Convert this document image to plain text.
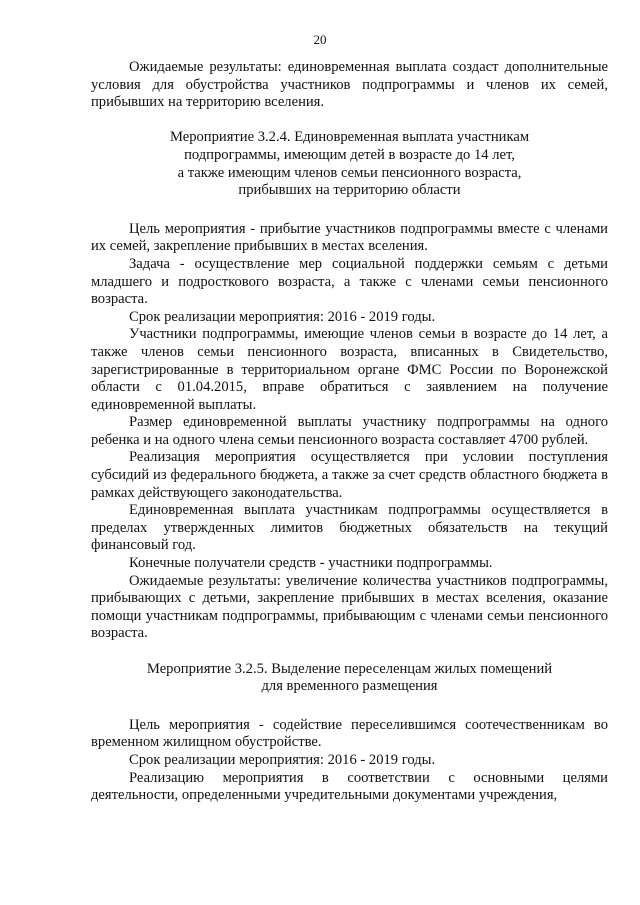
20

Ожидаемые результаты: единовременная выплата создаст дополнительные условия для обустройства участников подпрограммы и членов их семей, прибывших на территорию вселения.

Мероприятие 3.2.4. Единовременная выплата участникам
подпрограммы, имеющим детей в возрасте до 14 лет,
а также имеющим членов семьи пенсионного возраста,
прибывших на территорию области

Цель мероприятия - прибытие участников подпрограммы вместе с членами их семей, закрепление прибывших в местах вселения.

Задача - осуществление мер социальной поддержки семьям с детьми младшего и подросткового возраста, а также с членами семьи пенсионного возраста.

Срок реализации мероприятия: 2016 - 2019 годы.

Участники подпрограммы, имеющие членов семьи в возрасте до 14 лет, а также членов семьи пенсионного возраста, вписанных в Свидетельство, зарегистрированные в территориальном органе ФМС России по Воронежской области с 01.04.2015, вправе обратиться с заявлением на получение единовременной выплаты.

Размер единовременной выплаты участнику подпрограммы на одного ребенка и на одного члена семьи пенсионного возраста составляет 4700 рублей.

Реализация мероприятия осуществляется при условии поступления субсидий из федерального бюджета, а также за счет средств областного бюджета в рамках действующего законодательства.

Единовременная выплата участникам подпрограммы осуществляется в пределах утвержденных лимитов бюджетных обязательств на текущий финансовый год.

Конечные получатели средств - участники подпрограммы.

Ожидаемые результаты: увеличение количества участников подпрограммы, прибывающих с детьми, закрепление прибывших в местах вселения, оказание помощи участникам подпрограммы, прибывающим с членами семьи пенсионного возраста.

Мероприятие 3.2.5. Выделение переселенцам жилых помещений
для временного размещения

Цель мероприятия - содействие переселившимся соотечественникам во временном жилищном обустройстве.

Срок реализации мероприятия: 2016 - 2019 годы.

Реализацию мероприятия в соответствии с основными целями деятельности, определенными учредительными документами учреждения,
